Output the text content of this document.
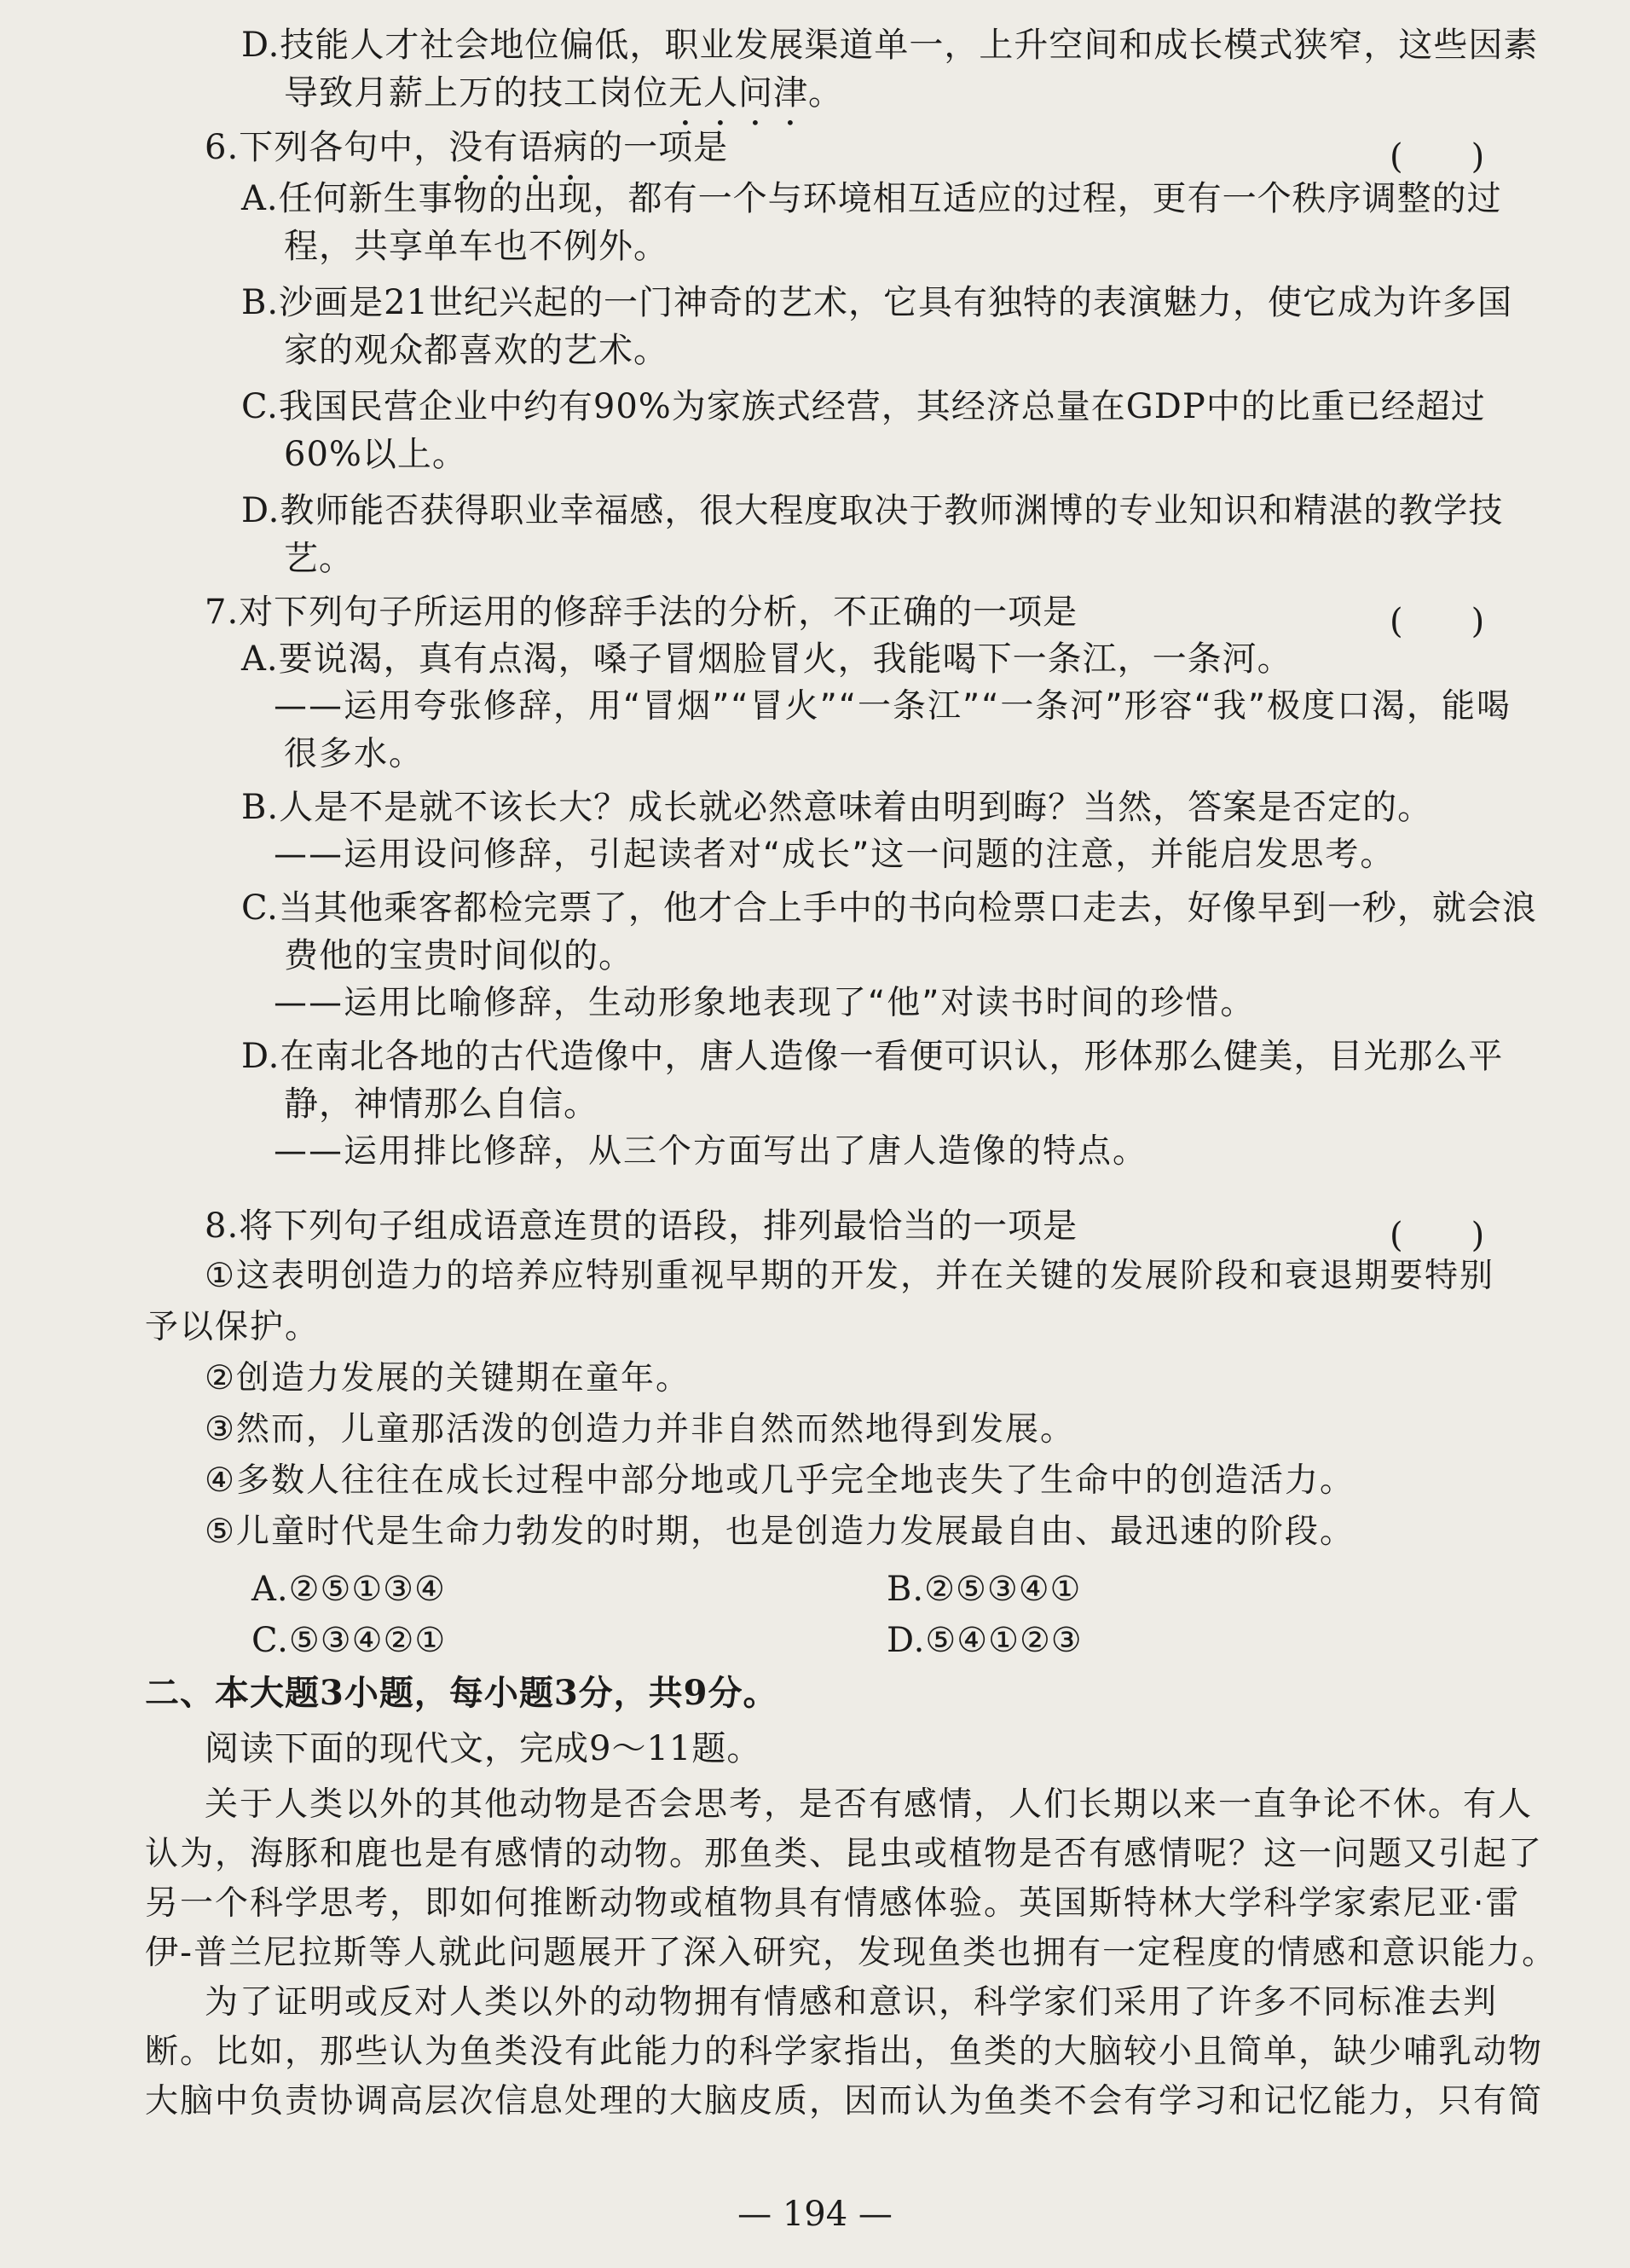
D.技能人才社会地位偏低，职业发展渠道单一，上升空间和成长模式狭窄，这些因素
导致月薪上万的技工岗位无人问津。
6.下列各句中，没有语病的一项是	(　　)
A.任何新生事物的出现，都有一个与环境相互适应的过程，更有一个秩序调整的过
程，共享单车也不例外。
B.沙画是21世纪兴起的一门神奇的艺术，它具有独特的表演魅力，使它成为许多国
家的观众都喜欢的艺术。
C.我国民营企业中约有90%为家族式经营，其经济总量在GDP中的比重已经超过
60%以上。
D.教师能否获得职业幸福感，很大程度取决于教师渊博的专业知识和精湛的教学技
艺。
7.对下列句子所运用的修辞手法的分析，不正确的一项是	(　　)
A.要说渴，真有点渴，嗓子冒烟脸冒火，我能喝下一条江，一条河。
——运用夸张修辞，用“冒烟”“冒火”“一条江”“一条河”形容“我”极度口渴，能喝
很多水。
B.人是不是就不该长大？成长就必然意味着由明到晦？当然，答案是否定的。
——运用设问修辞，引起读者对“成长”这一问题的注意，并能启发思考。
C.当其他乘客都检完票了，他才合上手中的书向检票口走去，好像早到一秒，就会浪
费他的宝贵时间似的。
——运用比喻修辞，生动形象地表现了“他”对读书时间的珍惜。
D.在南北各地的古代造像中，唐人造像一看便可识认，形体那么健美，目光那么平
静，神情那么自信。
——运用排比修辞，从三个方面写出了唐人造像的特点。
8.将下列句子组成语意连贯的语段，排列最恰当的一项是	(　　)
①这表明创造力的培养应特别重视早期的开发，并在关键的发展阶段和衰退期要特别
予以保护。
②创造力发展的关键期在童年。
③然而，儿童那活泼的创造力并非自然而然地得到发展。
④多数人往往在成长过程中部分地或几乎完全地丧失了生命中的创造活力。
⑤儿童时代是生命力勃发的时期，也是创造力发展最自由、最迅速的阶段。
A.②⑤①③④	B.②⑤③④①
C.⑤③④②①	D.⑤④①②③
二、本大题3小题，每小题3分，共9分。
阅读下面的现代文，完成9～11题。
关于人类以外的其他动物是否会思考，是否有感情，人们长期以来一直争论不休。有人
认为，海豚和鹿也是有感情的动物。那鱼类、昆虫或植物是否有感情呢？这一问题又引起了
另一个科学思考，即如何推断动物或植物具有情感体验。英国斯特林大学科学家索尼亚·雷
伊-普兰尼拉斯等人就此问题展开了深入研究，发现鱼类也拥有一定程度的情感和意识能力。
为了证明或反对人类以外的动物拥有情感和意识，科学家们采用了许多不同标准去判
断。比如，那些认为鱼类没有此能力的科学家指出，鱼类的大脑较小且简单，缺少哺乳动物
大脑中负责协调高层次信息处理的大脑皮质，因而认为鱼类不会有学习和记忆能力，只有简
— 194 —
